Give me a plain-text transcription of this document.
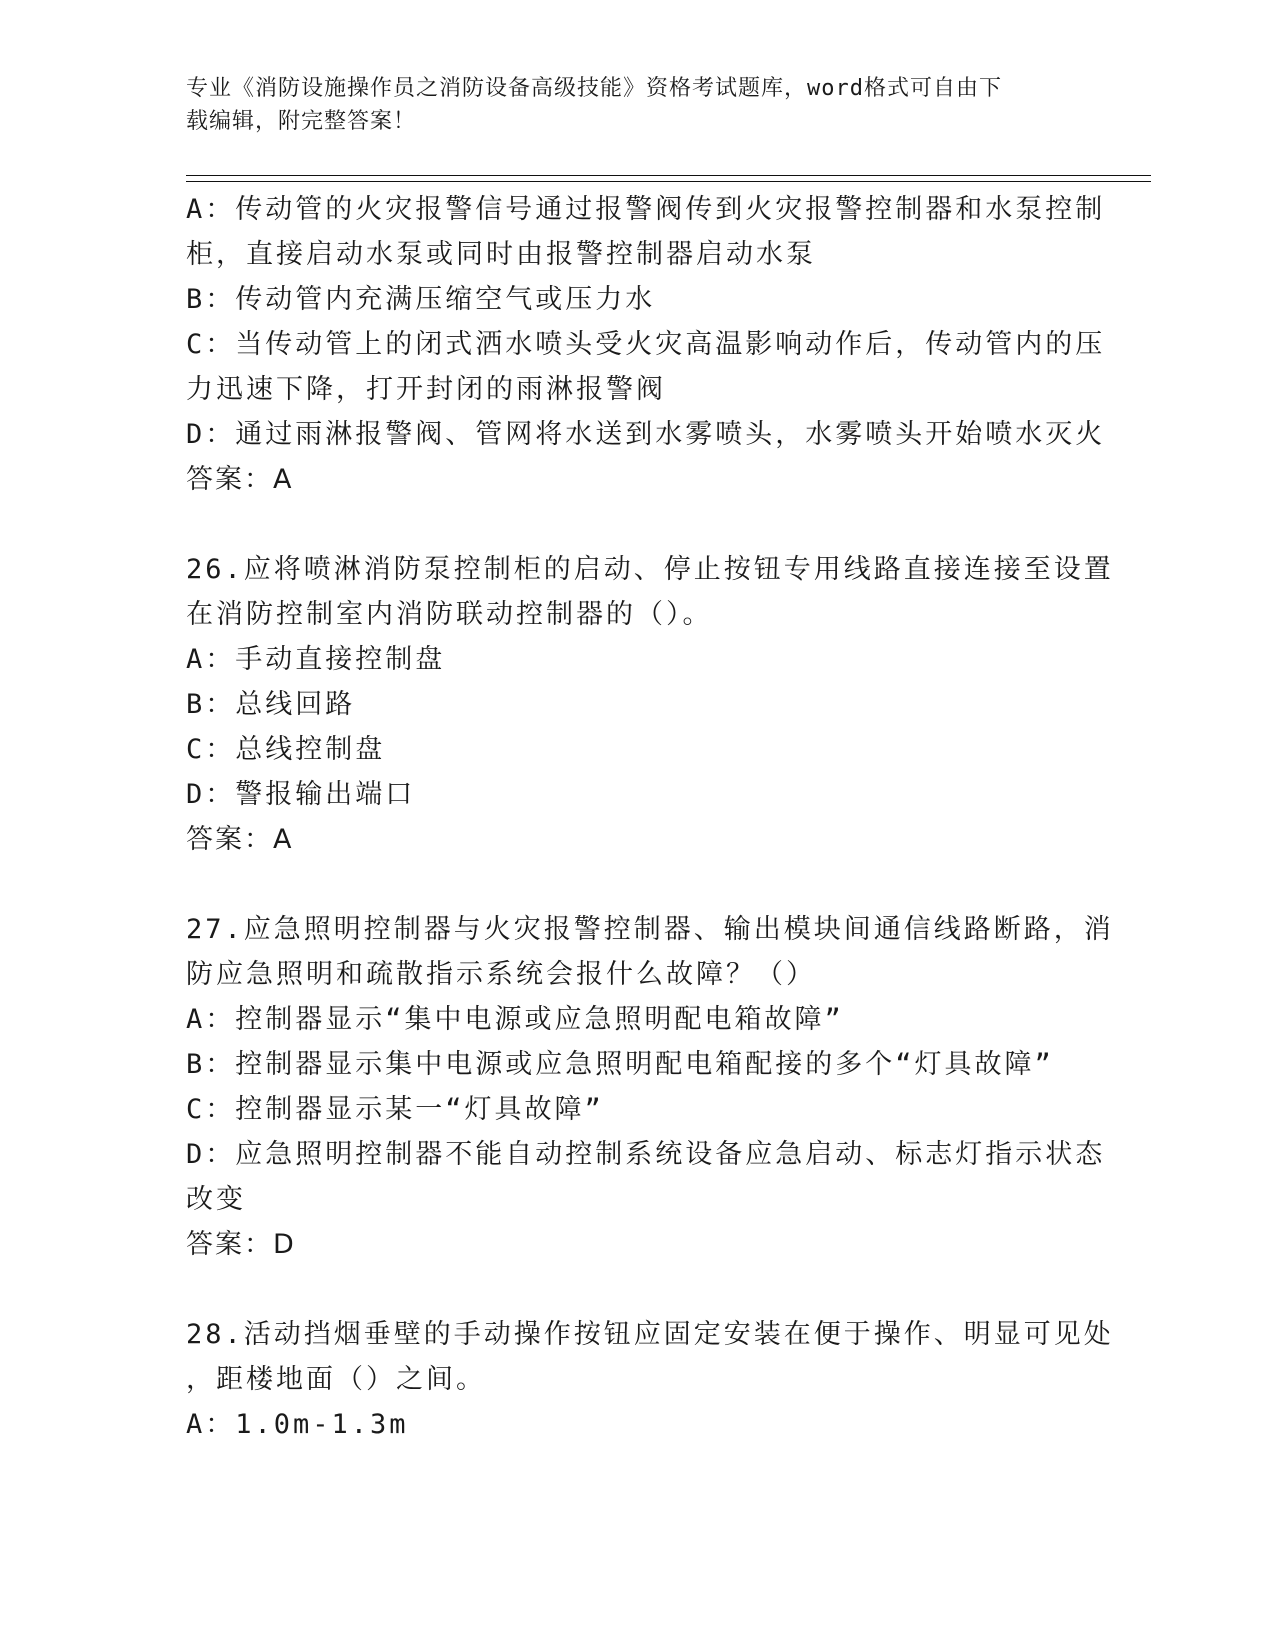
专业《消防设施操作员之消防设备高级技能》资格考试题库，word格式可自由下
载编辑，附完整答案！

A：传动管的火灾报警信号通过报警阀传到火灾报警控制器和水泵控制

柜，直接启动水泵或同时由报警控制器启动水泵

B：传动管内充满压缩空气或压力水

C：当传动管上的闭式洒水喷头受火灾高温影响动作后，传动管内的压

力迅速下降，打开封闭的雨淋报警阀

D：通过雨淋报警阀、管网将水送到水雾喷头，水雾喷头开始喷水灭火

答案：A

26.应将喷淋消防泵控制柜的启动、停止按钮专用线路直接连接至设置

在消防控制室内消防联动控制器的（）。

A：手动直接控制盘

B：总线回路

C：总线控制盘

D：警报输出端口

答案：A

27.应急照明控制器与火灾报警控制器、输出模块间通信线路断路，消

防应急照明和疏散指示系统会报什么故障？（）

A：控制器显示“集中电源或应急照明配电箱故障”

B：控制器显示集中电源或应急照明配电箱配接的多个“灯具故障”

C：控制器显示某一“灯具故障”

D：应急照明控制器不能自动控制系统设备应急启动、标志灯指示状态

改变

答案：D

28.活动挡烟垂壁的手动操作按钮应固定安装在便于操作、明显可见处

，距楼地面（）之间。

A：1.0m-1.3m
